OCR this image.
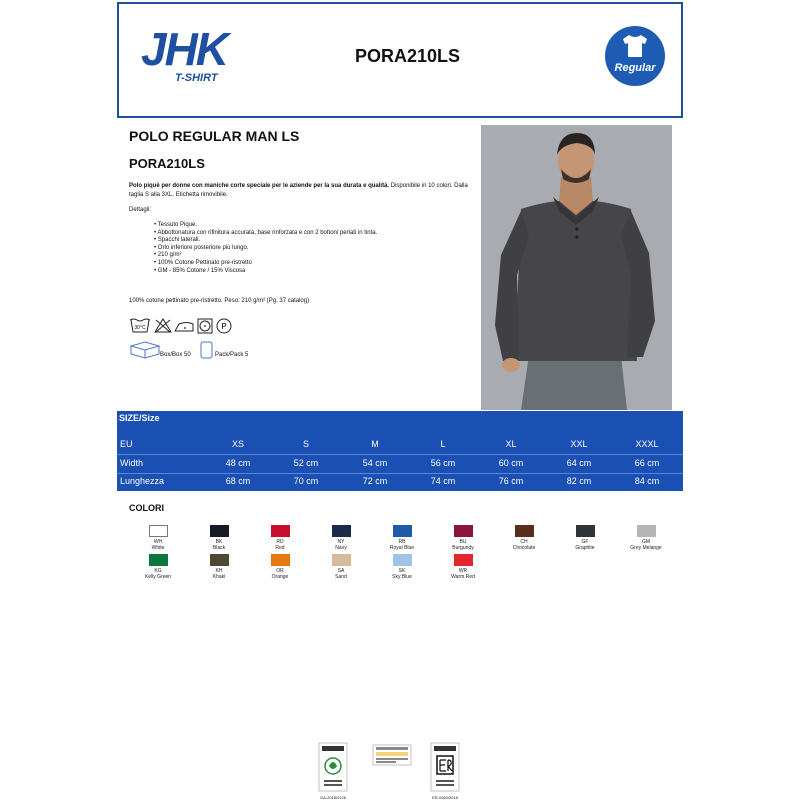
JHK
T-SHIRT
PORA210LS
Regular
POLO REGULAR MAN LS
PORA210LS
Polo piquè per donne con maniche corte speciale per le aziende per la sua durata e qualità. Disponibile in 10 colori. Dalla taglia S alla 3XL. Etichetta rimovibile.
Dettagli:
• Tessuto Pique.
• Abbottonatura con rifinitura accurata, base rinforzata e con 2 bottoni perlati in tinta.
• Spacchi laterali.
• Orlo inferiore posteriore più lungo.
• 210 g/m²
• 100% Cotone Pettinato pre-ristretto
• GM - 85% Cotone / 15% Viscosa
100% cotone pettinato pre-ristretto. Peso: 210 g/m² (Pg. 37 catalog)
30°C	P
Box/Box 50	Pack/Pack 5
SIZE/Size
EU	XS	S	M	L	XL	XXL	XXXL
Width	48 cm	52 cm	54 cm	56 cm	60 cm	64 cm	66 cm
Lunghezza	68 cm	70 cm	72 cm	74 cm	76 cm	82 cm	84 cm
COLORI
WH
White
BK
Black
RD
Red
NY
Navy
RB
Royal Blue
BU
Burgundy
CH
Chocolate
GF
Graphite
GM
Grey Melange
KG
Kelly Green
KH
Khaki
OR
Orange
SA
Sand
SK
Sky Blue
WR
Warm Red
GA-2018/0126	ER-0260/2018
